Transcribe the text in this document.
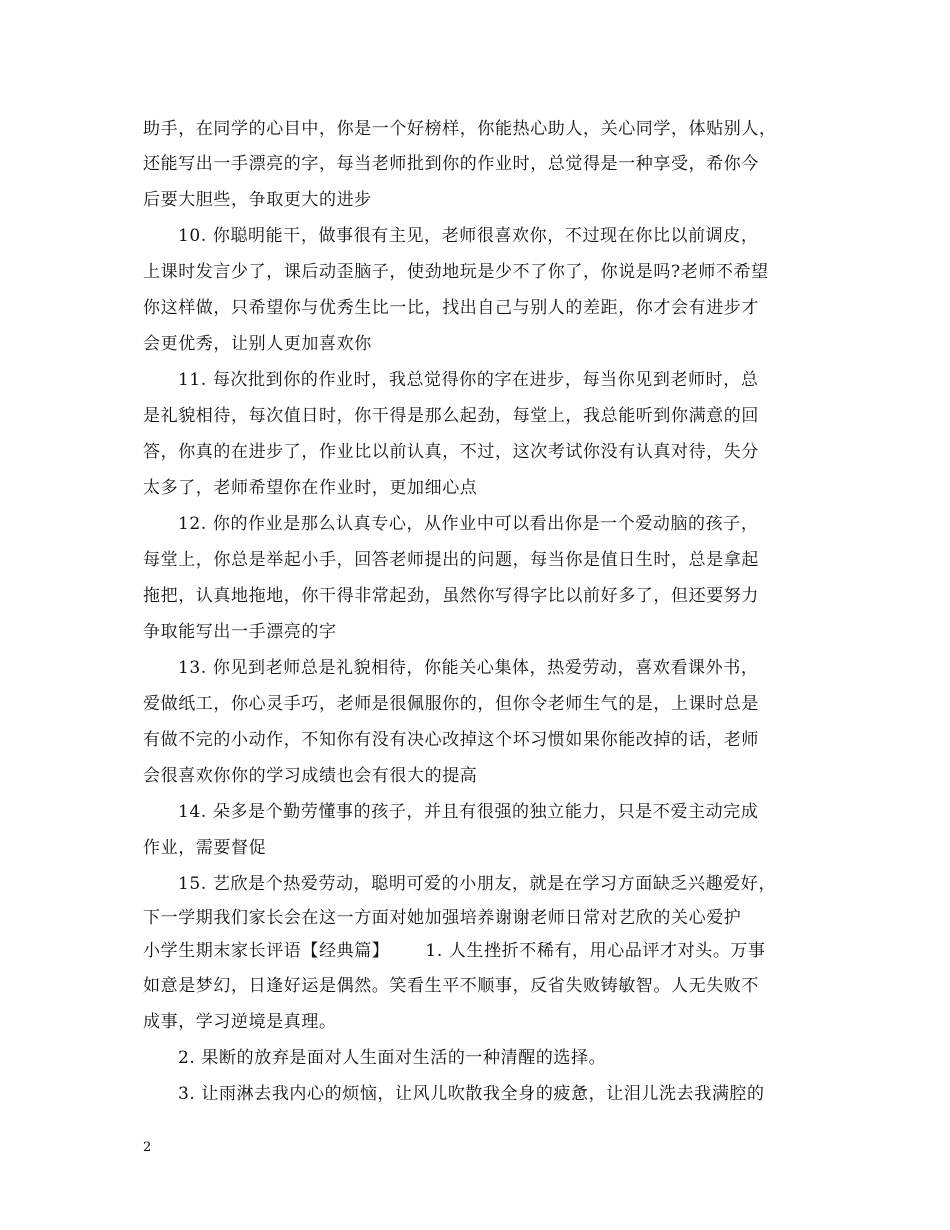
助手，在同学的心目中，你是一个好榜样，你能热心助人，关心同学，体贴别人，
还能写出一手漂亮的字，每当老师批到你的作业时，总觉得是一种享受，希你今
后要大胆些，争取更大的进步
10. 你聪明能干，做事很有主见，老师很喜欢你，不过现在你比以前调皮，
上课时发言少了，课后动歪脑子，使劲地玩是少不了你了，你说是吗?老师不希望
你这样做，只希望你与优秀生比一比，找出自己与别人的差距，你才会有进步才
会更优秀，让别人更加喜欢你
11. 每次批到你的作业时，我总觉得你的字在进步，每当你见到老师时，总
是礼貌相待，每次值日时，你干得是那么起劲，每堂上，我总能听到你满意的回
答，你真的在进步了，作业比以前认真，不过，这次考试你没有认真对待，失分
太多了，老师希望你在作业时，更加细心点
12. 你的作业是那么认真专心，从作业中可以看出你是一个爱动脑的孩子，
每堂上，你总是举起小手，回答老师提出的问题，每当你是值日生时，总是拿起
拖把，认真地拖地，你干得非常起劲，虽然你写得字比以前好多了，但还要努力
争取能写出一手漂亮的字
13. 你见到老师总是礼貌相待，你能关心集体，热爱劳动，喜欢看课外书，
爱做纸工，你心灵手巧，老师是很佩服你的，但你令老师生气的是，上课时总是
有做不完的小动作，不知你有没有决心改掉这个坏习惯如果你能改掉的话，老师
会很喜欢你你的学习成绩也会有很大的提高
14. 朵多是个勤劳懂事的孩子，并且有很强的独立能力，只是不爱主动完成
作业，需要督促
15. 艺欣是个热爱劳动，聪明可爱的小朋友，就是在学习方面缺乏兴趣爱好，
下一学期我们家长会在这一方面对她加强培养谢谢老师日常对艺欣的关心爱护
小学生期末家长评语【经典篇】 1. 人生挫折不稀有，用心品评才对头。万事
如意是梦幻，日逢好运是偶然。笑看生平不顺事，反省失败铸敏智。人无失败不
成事，学习逆境是真理。
2. 果断的放弃是面对人生面对生活的一种清醒的选择。
3. 让雨淋去我内心的烦恼，让风儿吹散我全身的疲惫，让泪儿洗去我满腔的
2
